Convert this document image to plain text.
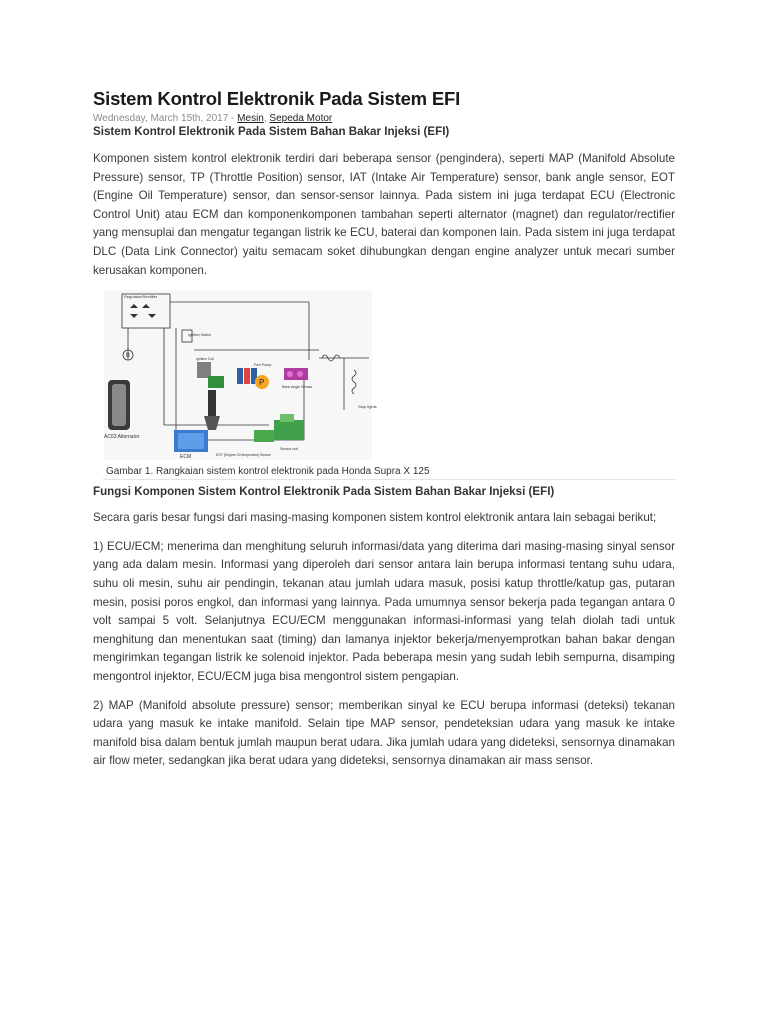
Sistem Kontrol Elektronik Pada Sistem EFI
Wednesday, March 15th, 2017 - Mesin, Sepeda Motor
Sistem Kontrol Elektronik Pada Sistem Bahan Bakar Injeksi (EFI)

Komponen sistem kontrol elektronik terdiri dari beberapa sensor (pengindera), seperti MAP (Manifold Absolute Pressure) sensor, TP (Throttle Position) sensor, IAT (Intake Air Temperature) sensor, bank angle sensor, EOT (Engine Oil Temperature) sensor, dan sensor-sensor lainnya. Pada sistem ini juga terdapat ECU (Electronic Control Unit) atau ECM dan komponenkomponen tambahan seperti alternator (magnet) dan regulator/rectifier yang mensuplai dan mengatur tegangan listrik ke ECU, baterai dan komponen lain. Pada sistem ini juga terdapat DLC (Data Link Connector) yaitu semacam soket dihubungkan dengan engine analyzer untuk mecari sumber kerusakan komponen.

Regulator/Rectifier
Stop lights
B
AC63 Alternator
Ignition Switch
Ignition Coil
P
Fuel Pump
Bank Angle Sensor
Sensor unit
ECM	EOT (Engine Oil temperatur) Sensor
Gambar 1. Rangkaian sistem kontrol elektronik pada Honda Supra X 125
Fungsi Komponen Sistem Kontrol Elektronik Pada Sistem Bahan Bakar Injeksi (EFI)

Secara garis besar fungsi dari masing-masing komponen sistem kontrol elektronik antara lain sebagai berikut;

1) ECU/ECM; menerima dan menghitung seluruh informasi/data yang diterima dari masing-masing sinyal sensor yang ada dalam mesin. Informasi yang diperoleh dari sensor antara lain berupa informasi tentang suhu udara, suhu oli mesin, suhu air pendingin, tekanan atau jumlah udara masuk, posisi katup throttle/katup gas, putaran mesin, posisi poros engkol, dan informasi yang lainnya. Pada umumnya sensor bekerja pada tegangan antara 0 volt sampai 5 volt. Selanjutnya ECU/ECM menggunakan informasi-informasi yang telah diolah tadi untuk menghitung dan menentukan saat (timing) dan lamanya injektor bekerja/menyemprotkan bahan bakar dengan mengirimkan tegangan listrik ke solenoid injektor. Pada beberapa mesin yang sudah lebih sempurna, disamping mengontrol injektor, ECU/ECM juga bisa mengontrol sistem pengapian.

2) MAP (Manifold absolute pressure) sensor; memberikan sinyal ke ECU berupa informasi (deteksi) tekanan udara yang masuk ke intake manifold. Selain tipe MAP sensor, pendeteksian udara yang masuk ke intake manifold bisa dalam bentuk jumlah maupun berat udara. Jika jumlah udara yang dideteksi, sensornya dinamakan air flow meter, sedangkan jika berat udara yang dideteksi, sensornya dinamakan air mass sensor.
